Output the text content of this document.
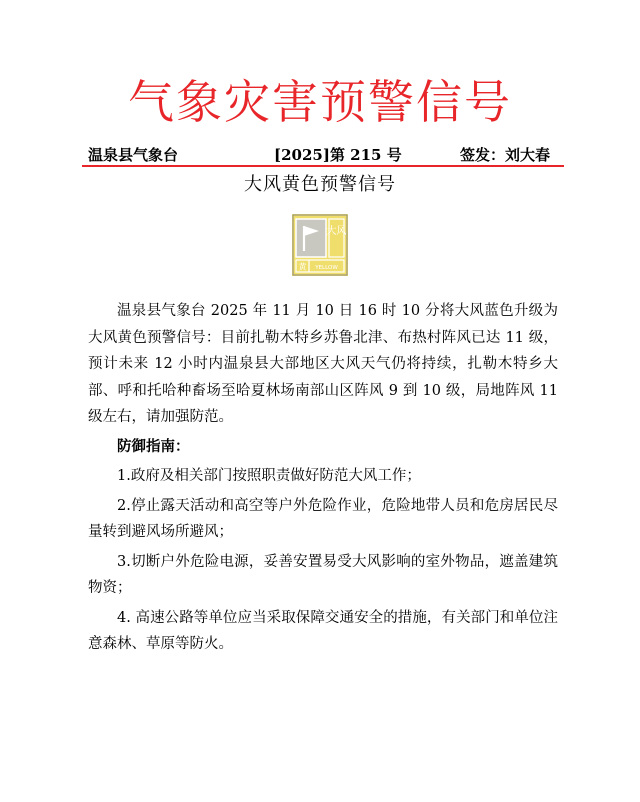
气象灾害预警信号
温泉县气象台	[2025]第 215 号	签发：刘大春
大风黄色预警信号
大风
黄 YELLOW

温泉县气象台 2025 年 11 月 10 日 16 时 10 分将大风蓝色升级为大风黄色预警信号：目前扎勒木特乡苏鲁北津、布热村阵风已达 11 级，预计未来 12 小时内温泉县大部地区大风天气仍将持续，扎勒木特乡大部、呼和托哈种畜场至哈夏林场南部山区阵风 9 到 10 级，局地阵风 11 级左右，请加强防范。

防御指南：

1.政府及相关部门按照职责做好防范大风工作；

2.停止露天活动和高空等户外危险作业，危险地带人员和危房居民尽量转到避风场所避风；

3.切断户外危险电源，妥善安置易受大风影响的室外物品，遮盖建筑物资；

4. 高速公路等单位应当采取保障交通安全的措施，有关部门和单位注意森林、草原等防火。
